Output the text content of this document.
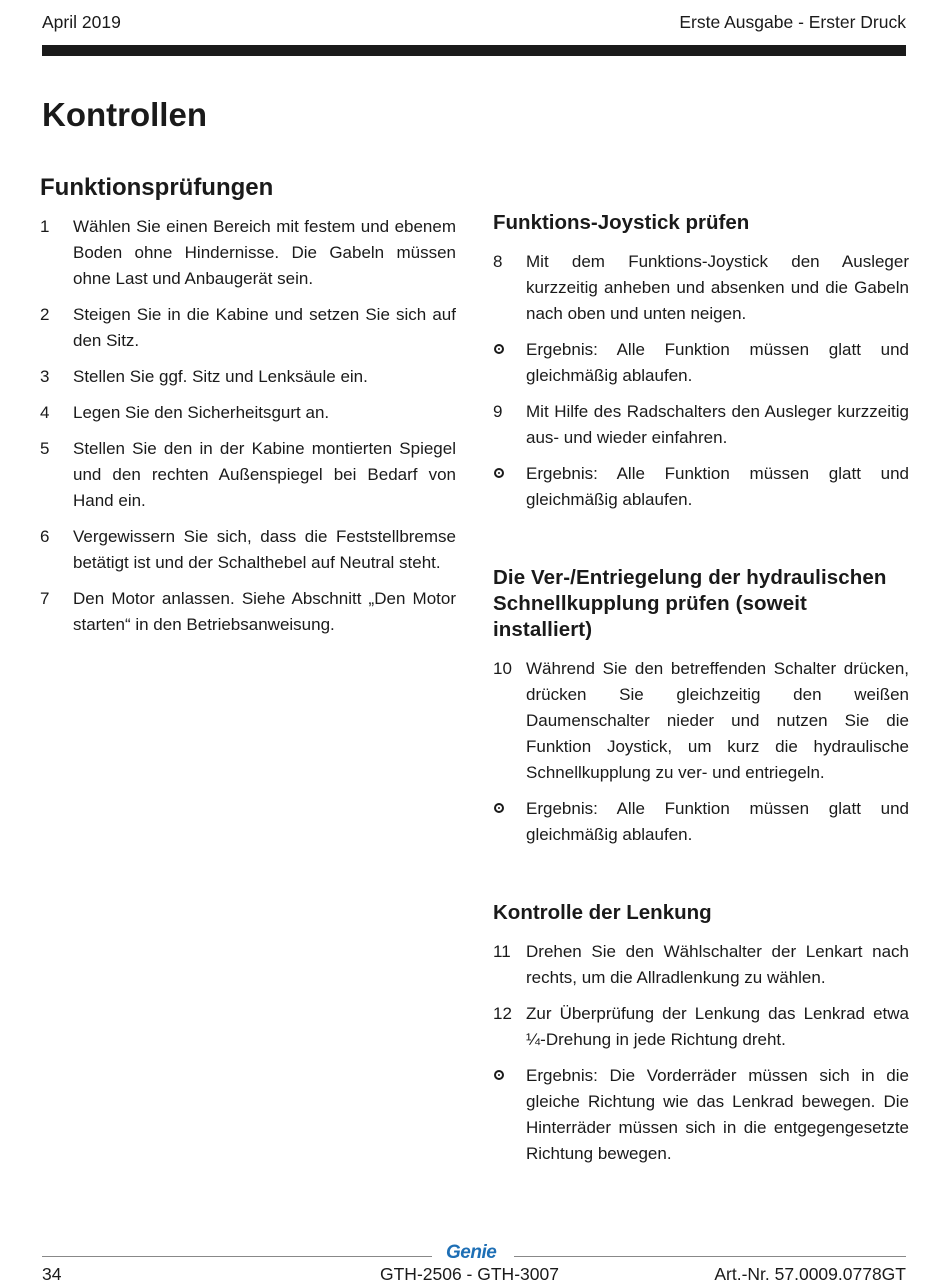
April 2019	Erste Ausgabe - Erster Druck
Kontrollen
Funktionsprüfungen
1	Wählen Sie einen Bereich mit festem und ebenem Boden ohne Hindernisse. Die Gabeln müssen ohne Last und Anbaugerät sein.
2	Steigen Sie in die Kabine und setzen Sie sich auf den Sitz.
3	Stellen Sie ggf. Sitz und Lenksäule ein.
4	Legen Sie den Sicherheitsgurt an.
5	Stellen Sie den in der Kabine montierten Spiegel und den rechten Außenspiegel bei Bedarf von Hand ein.
6	Vergewissern Sie sich, dass die Feststellbremse betätigt ist und der Schalthebel auf Neutral steht.
7	Den Motor anlassen. Siehe Abschnitt „Den Motor starten“ in den Betriebsanweisung.
Funktions-Joystick prüfen
8	Mit dem Funktions-Joystick den Ausleger kurzzeitig anheben und absenken und die Gabeln nach oben und unten neigen.
Ergebnis: Alle Funktion müssen glatt und gleichmäßig ablaufen.
9	Mit Hilfe des Radschalters den Ausleger kurzzeitig aus- und wieder einfahren.
Ergebnis: Alle Funktion müssen glatt und gleichmäßig ablaufen.
Die Ver-/Entriegelung der hydraulischen Schnellkupplung prüfen (soweit installiert)
10 Während Sie den betreffenden Schalter drücken, drücken Sie gleichzeitig den weißen Daumenschalter nieder und nutzen Sie die Funktion Joystick, um kurz die hydraulische Schnellkupplung zu ver- und entriegeln.
Ergebnis: Alle Funktion müssen glatt und gleichmäßig ablaufen.
Kontrolle der Lenkung
11 Drehen Sie den Wählschalter der Lenkart nach rechts, um die Allradlenkung zu wählen.
12 Zur Überprüfung der Lenkung das Lenkrad etwa ¼-Drehung in jede Richtung dreht.
Ergebnis: Die Vorderräder müssen sich in die gleiche Richtung wie das Lenkrad bewegen. Die Hinterräder müssen sich in die entgegengesetzte Richtung bewegen.
Genie
34	GTH-2506 - GTH-3007	Art.-Nr. 57.0009.0778GT
